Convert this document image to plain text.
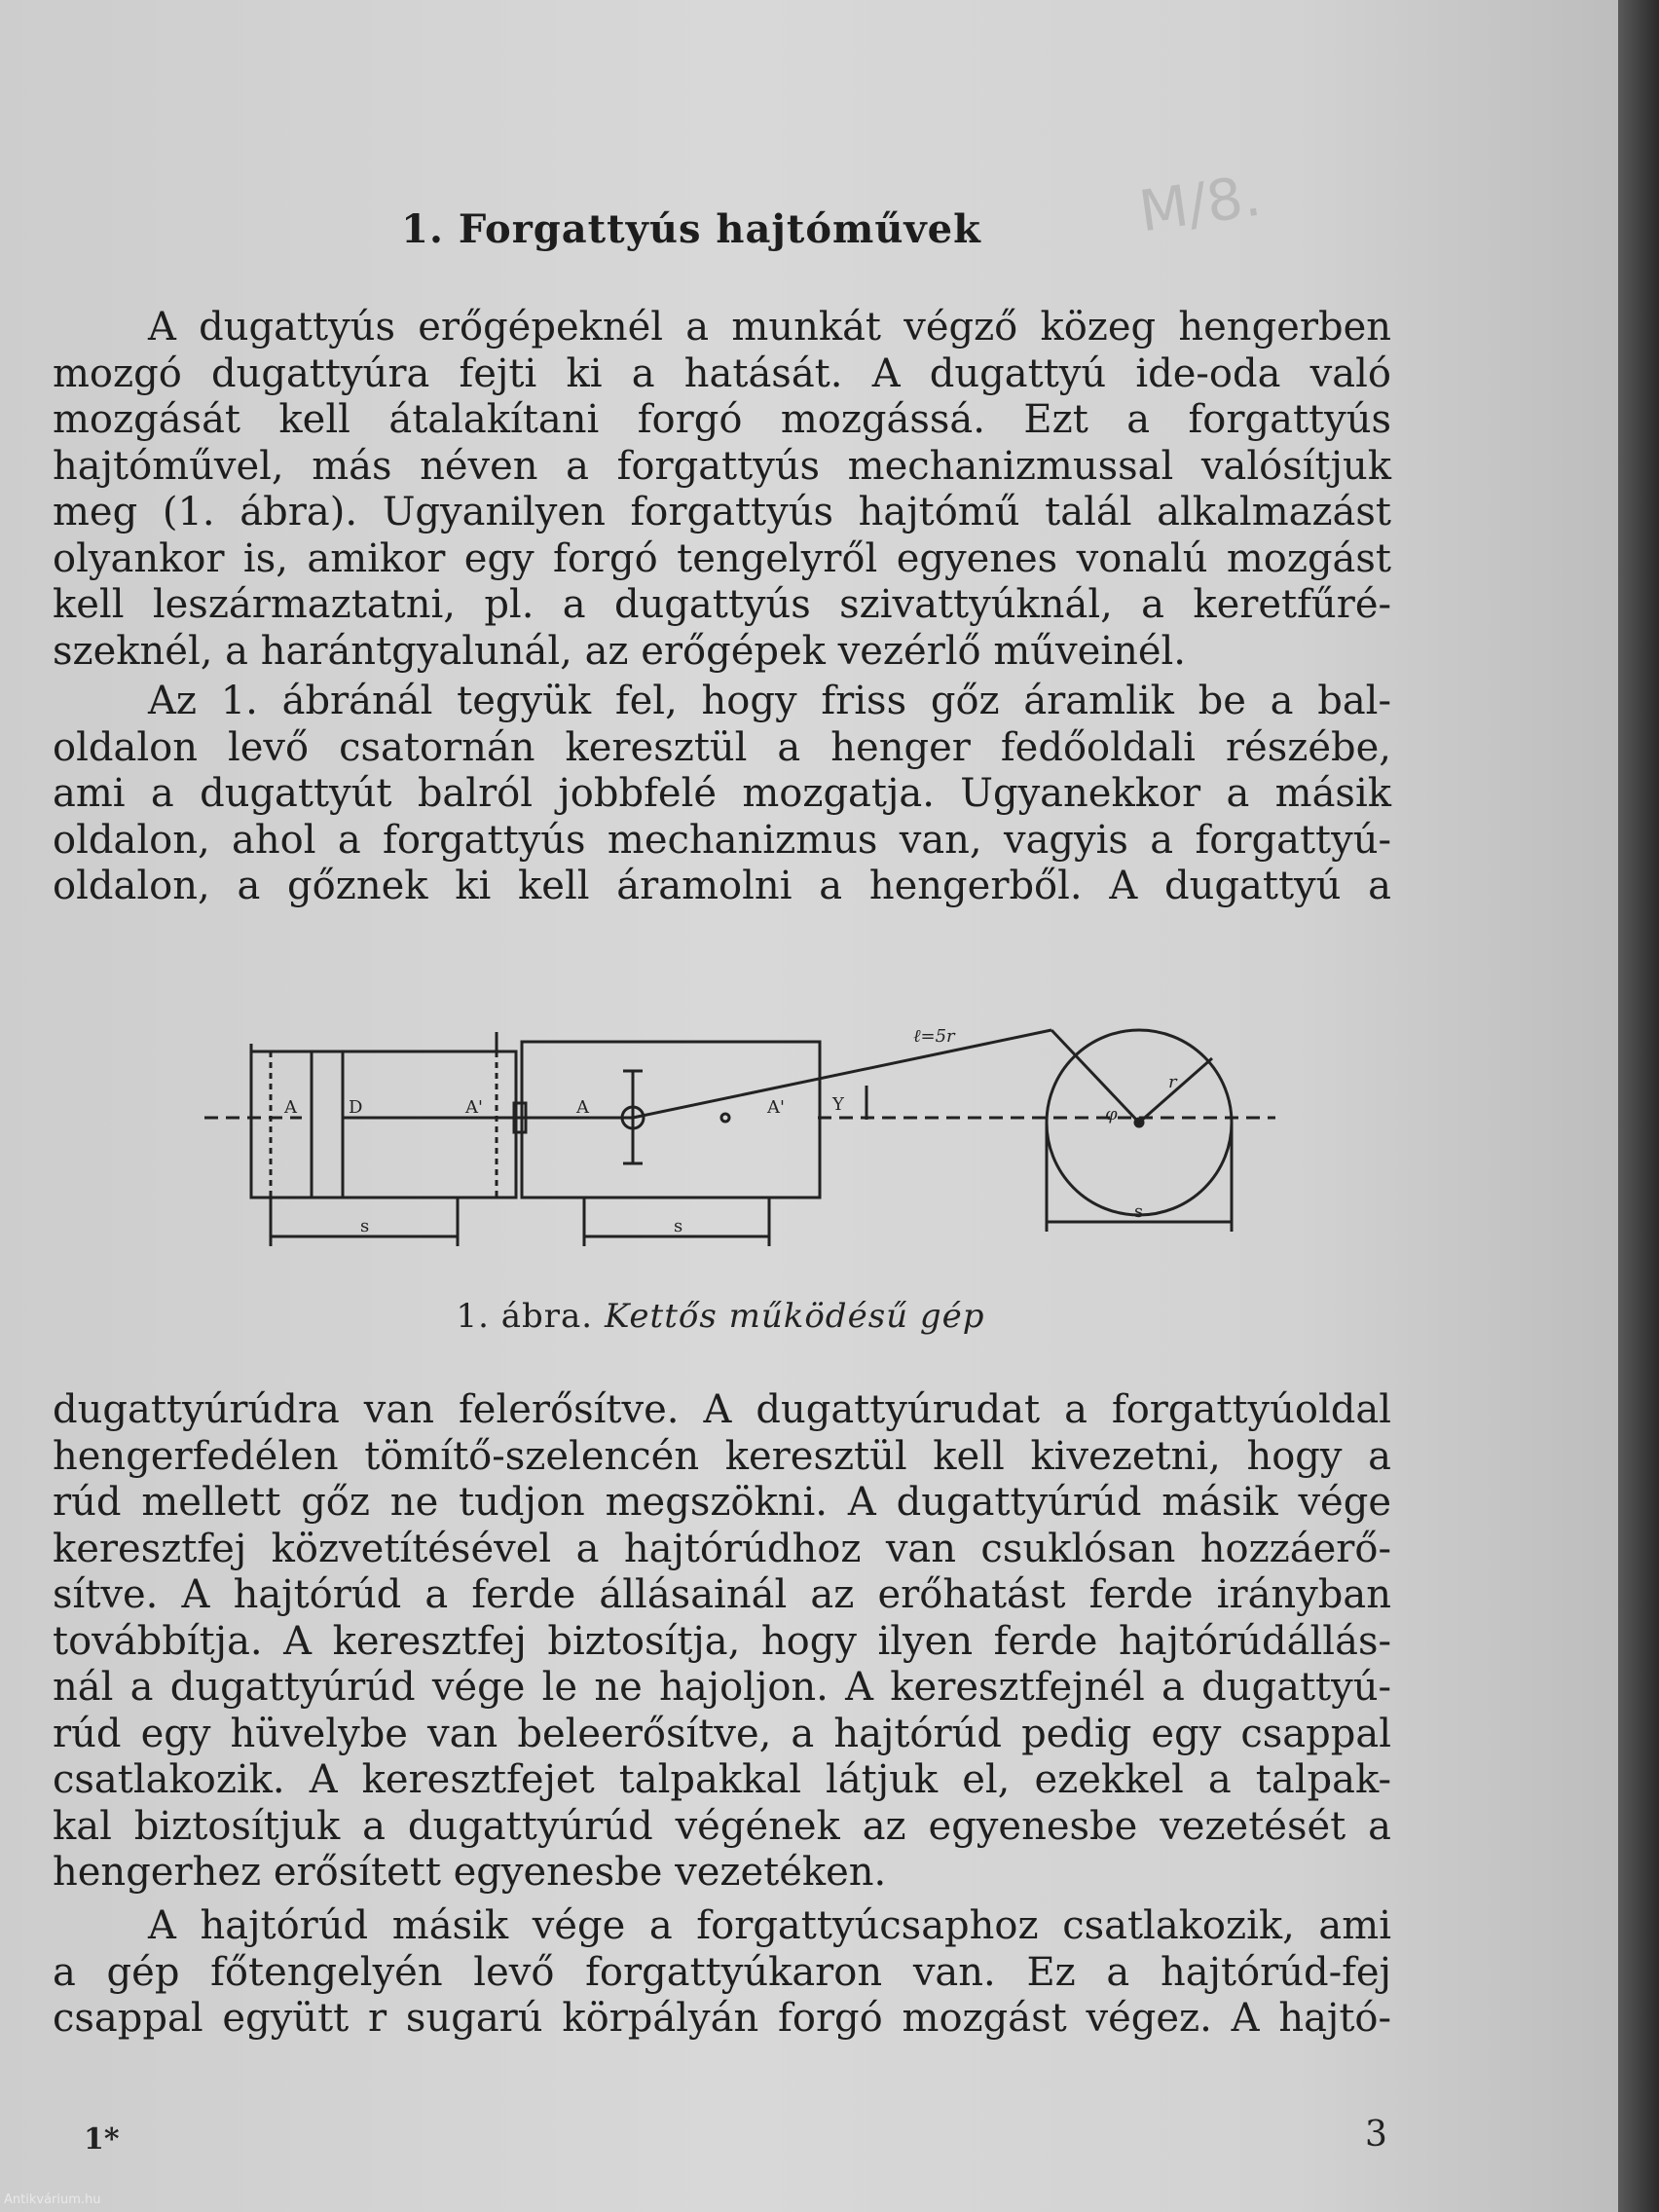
M/8.
1. Forgattyús hajtóművek

A dugattyús erőgépeknél a munkát végző közeg hengerben
mozgó dugattyúra fejti ki a hatását. A dugattyú ide-oda való
mozgását kell átalakítani forgó mozgássá. Ezt a forgattyús
hajtóművel, más néven a forgattyús mechanizmussal valósítjuk
meg (1. ábra). Ugyanilyen forgattyús hajtómű talál alkalmazást
olyankor is, amikor egy forgó tengelyről egyenes vonalú mozgást
kell leszármaztatni, pl. a dugattyús szivattyúknál, a keretfűré-
szeknél, a harántgyalunál, az erőgépek vezérlő műveinél.

Az 1. ábránál tegyük fel, hogy friss gőz áramlik be a bal-
oldalon levő csatornán keresztül a henger fedőoldali részébe,
ami a dugattyút balról jobbfelé mozgatja. Ugyanekkor a másik
oldalon, ahol a forgattyús mechanizmus van, vagyis a forgattyú-
oldalon, a gőznek ki kell áramolni a hengerből. A dugattyú a

A	D	A'	A	A'	Y
ℓ=5r
r
φ
s	s
s
1. ábra. Kettős működésű gép

dugattyúrúdra van felerősítve. A dugattyúrudat a forgattyúoldal
hengerfedélen tömítő-szelencén keresztül kell kivezetni, hogy a
rúd mellett gőz ne tudjon megszökni. A dugattyúrúd másik vége
keresztfej közvetítésével a hajtórúdhoz van csuklósan hozzáerő-
sítve. A hajtórúd a ferde állásainál az erőhatást ferde irányban
továbbítja. A keresztfej biztosítja, hogy ilyen ferde hajtórúdállás-
nál a dugattyúrúd vége le ne hajoljon. A keresztfejnél a dugattyú-
rúd egy hüvelybe van beleerősítve, a hajtórúd pedig egy csappal
csatlakozik. A keresztfejet talpakkal látjuk el, ezekkel a talpak-
kal biztosítjuk a dugattyúrúd végének az egyenesbe vezetését a
hengerhez erősített egyenesbe vezetéken.

A hajtórúd másik vége a forgattyúcsaphoz csatlakozik, ami
a gép főtengelyén levő forgattyúkaron van. Ez a hajtórúd-fej
csappal együtt r sugarú körpályán forgó mozgást végez. A hajtó-

1*	3
Antikvárium.hu
